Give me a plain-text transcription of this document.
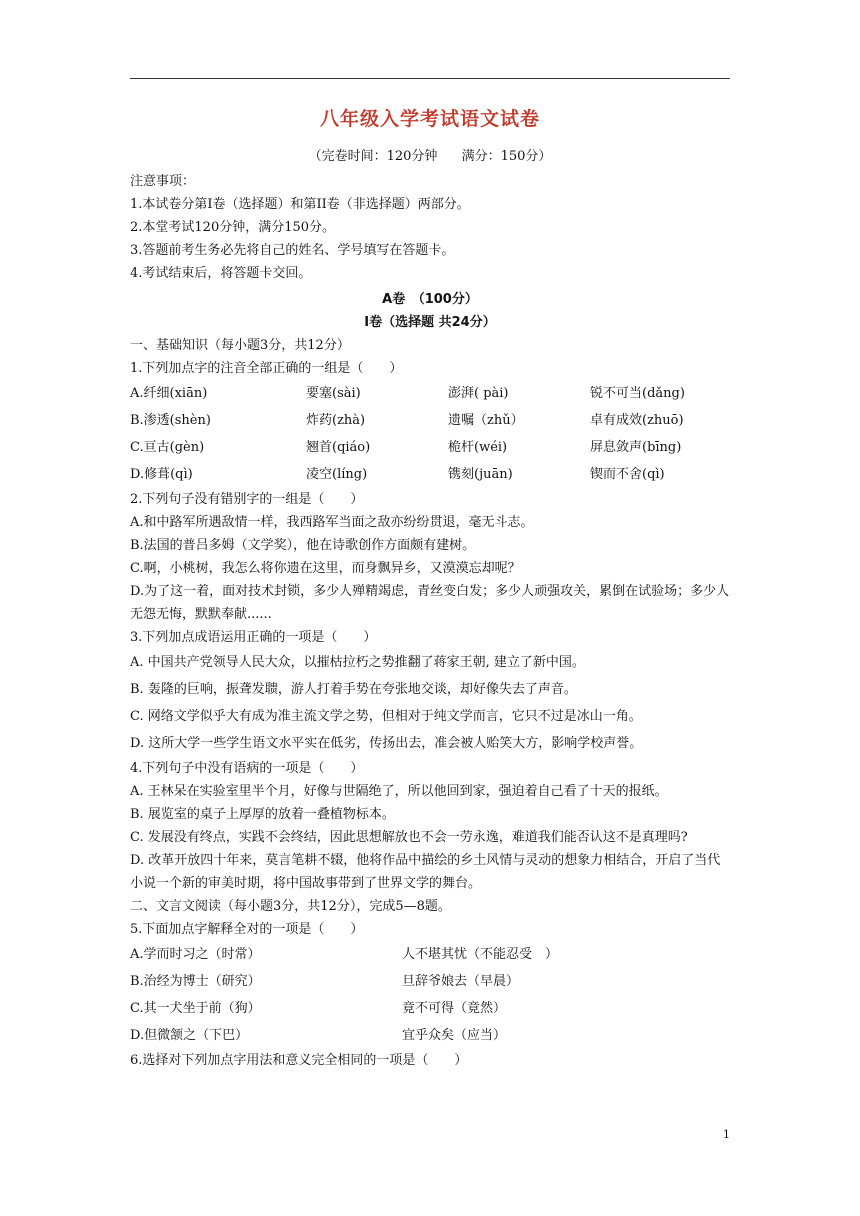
八年级入学考试语文试卷
（完卷时间：120分钟 满分：150分）
注意事项：
1.本试卷分第I卷（选择题）和第II卷（非选择题）两部分。
2.本堂考试120分钟，满分150分。
3.答题前考生务必先将自己的姓名、学号填写在答题卡。
4.考试结束后，将答题卡交回。
A卷　（100分）
I卷（选择题 共24分）
一、基础知识（每小题3分，共12分）
1.下列加点字的注音全部正确的一组是（　　）
A.纤细(xiān)	要塞(sài)	澎湃( pài)	锐不可当(dǎng)
B.渗透(shèn)	炸药(zhà)	遗嘱（zhǔ）	卓有成效(zhuō)
C.亘古(gèn)	翘首(qiáo)	桅杆(wéi)	屏息敛声(bīng)
D.修葺(qì)	凌空(líng)	镌刻(juān)	锲而不舍(qì)
2.下列句子没有错别字的一组是（　　）
A.和中路军所遇敌情一样，我西路军当面之敌亦纷纷贯退，毫无斗志。
B.法国的普吕多姆（文学奖），他在诗歌创作方面颇有建树。
C.啊，小桃树，我怎么将你遗在这里，而身飘异乡，又漠漠忘却呢？
D.为了这一着，面对技术封锁，多少人殚精竭虑，青丝变白发；多少人顽强攻关，累倒在试验场；多少人无怨无悔，默默奉献......
3.下列加点成语运用正确的一项是（　　）
A. 中国共产党领导人民大众，以摧枯拉朽之势推翻了蒋家王朝, 建立了新中国。
B. 轰隆的巨响，振聋发聩，游人打着手势在夸张地交谈，却好像失去了声音。
C. 网络文学似乎大有成为准主流文学之势，但相对于纯文学而言，它只不过是冰山一角。
D. 这所大学一些学生语文水平实在低劣，传扬出去，准会被人贻笑大方，影响学校声誉。
4.下列句子中没有语病的一项是（　　）
A. 王林呆在实验室里半个月，好像与世隔绝了，所以他回到家，强迫着自己看了十天的报纸。
B. 展览室的桌子上厚厚的放着一叠植物标本。
C. 发展没有终点，实践不会终结，因此思想解放也不会一劳永逸，难道我们能否认这不是真理吗?
D. 改革开放四十年来，莫言笔耕不辍，他将作品中描绘的乡土风情与灵动的想象力相结合，开启了当代小说一个新的审美时期，将中国故事带到了世界文学的舞台。
二、文言文阅读（每小题3分，共12分），完成5—8题。
5.下面加点字解释全对的一项是（　　）
A.学而时习之（时常）	人不堪其忧（不能忍受　）
B.治经为博士（研究）	旦辞爷娘去（早晨）
C.其一犬坐于前（狗）	竟不可得（竟然）
D.但微颔之（下巴）	宜乎众矣（应当）
6.选择对下列加点字用法和意义完全相同的一项是（　　）
1
